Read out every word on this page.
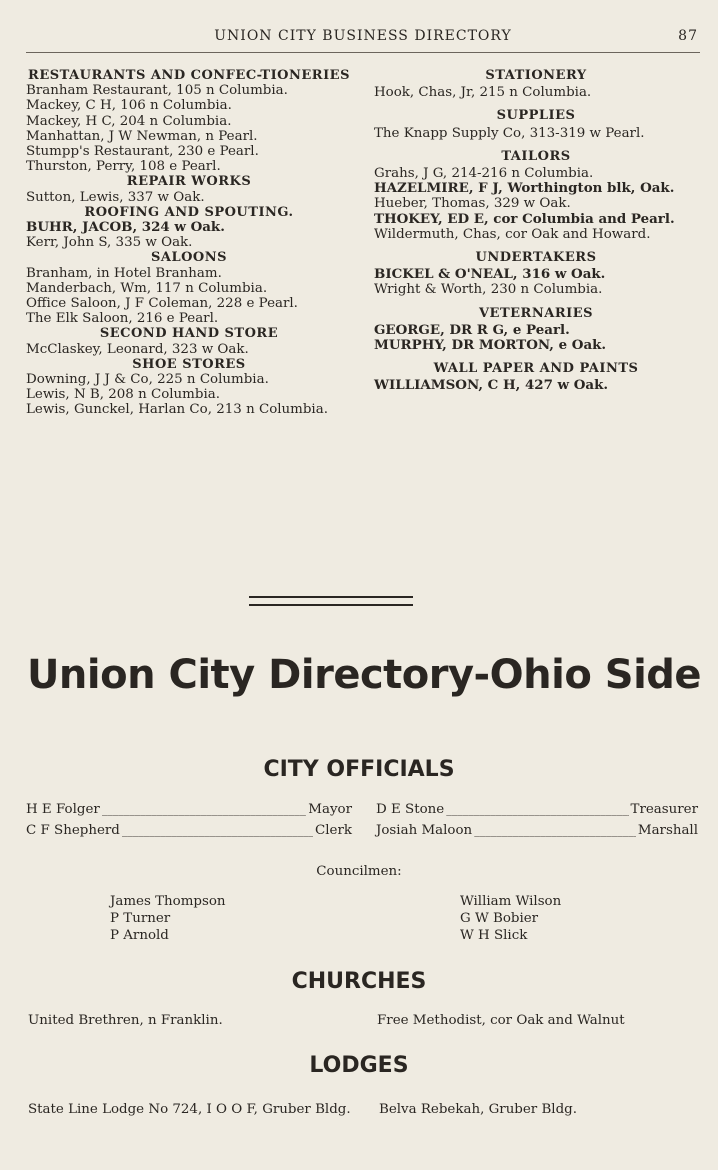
UNION CITY BUSINESS DIRECTORY	87
RESTAURANTS AND CONFEC-TIONERIES
Branham Restaurant, 105 n Columbia.
Mackey, C H, 106 n Columbia.
Mackey, H C, 204 n Columbia.
Manhattan, J W Newman, n Pearl.
Stumpp's Restaurant, 230 e Pearl.
Thurston, Perry, 108 e Pearl.
REPAIR WORKS
Sutton, Lewis, 337 w Oak.
ROOFING AND SPOUTING.
BUHR, JACOB, 324 w Oak.
Kerr, John S, 335 w Oak.
SALOONS
Branham, in Hotel Branham.
Manderbach, Wm, 117 n Columbia.
Office Saloon, J F Coleman, 228 e Pearl.
The Elk Saloon, 216 e Pearl.
SECOND HAND STORE
McClaskey, Leonard, 323 w Oak.
SHOE STORES
Downing, J J & Co, 225 n Columbia.
Lewis, N B, 208 n Columbia.
Lewis, Gunckel, Harlan Co, 213 n Columbia.
STATIONERY
Hook, Chas, Jr, 215 n Columbia.
SUPPLIES
The Knapp Supply Co, 313-319 w Pearl.
TAILORS
Grahs, J G, 214-216 n Columbia.
HAZELMIRE, F J, Worthington blk, Oak.
Hueber, Thomas, 329 w Oak.
THOKEY, ED E, cor Columbia and Pearl.
Wildermuth, Chas, cor Oak and Howard.
UNDERTAKERS
BICKEL & O'NEAL, 316 w Oak.
Wright & Worth, 230 n Columbia.
VETERNARIES
GEORGE, DR R G, e Pearl.
MURPHY, DR MORTON, e Oak.
WALL PAPER AND PAINTS
WILLIAMSON, C H, 427 w Oak.
Union City Directory-Ohio Side
CITY OFFICIALS
H E Folger _____	Mayor
C F Shepherd _____	Clerk
D E Stone _____	Treasurer
Josiah Maloon _____	Marshall
Councilmen:
James Thompson
P Turner
P Arnold
William Wilson
G W Bobier
W H Slick
CHURCHES
United Brethren, n Franklin.	Free Methodist, cor Oak and Walnut
LODGES
State Line Lodge No 724, I O O F, Gruber Bldg.	Belva Rebekah, Gruber Bldg.
